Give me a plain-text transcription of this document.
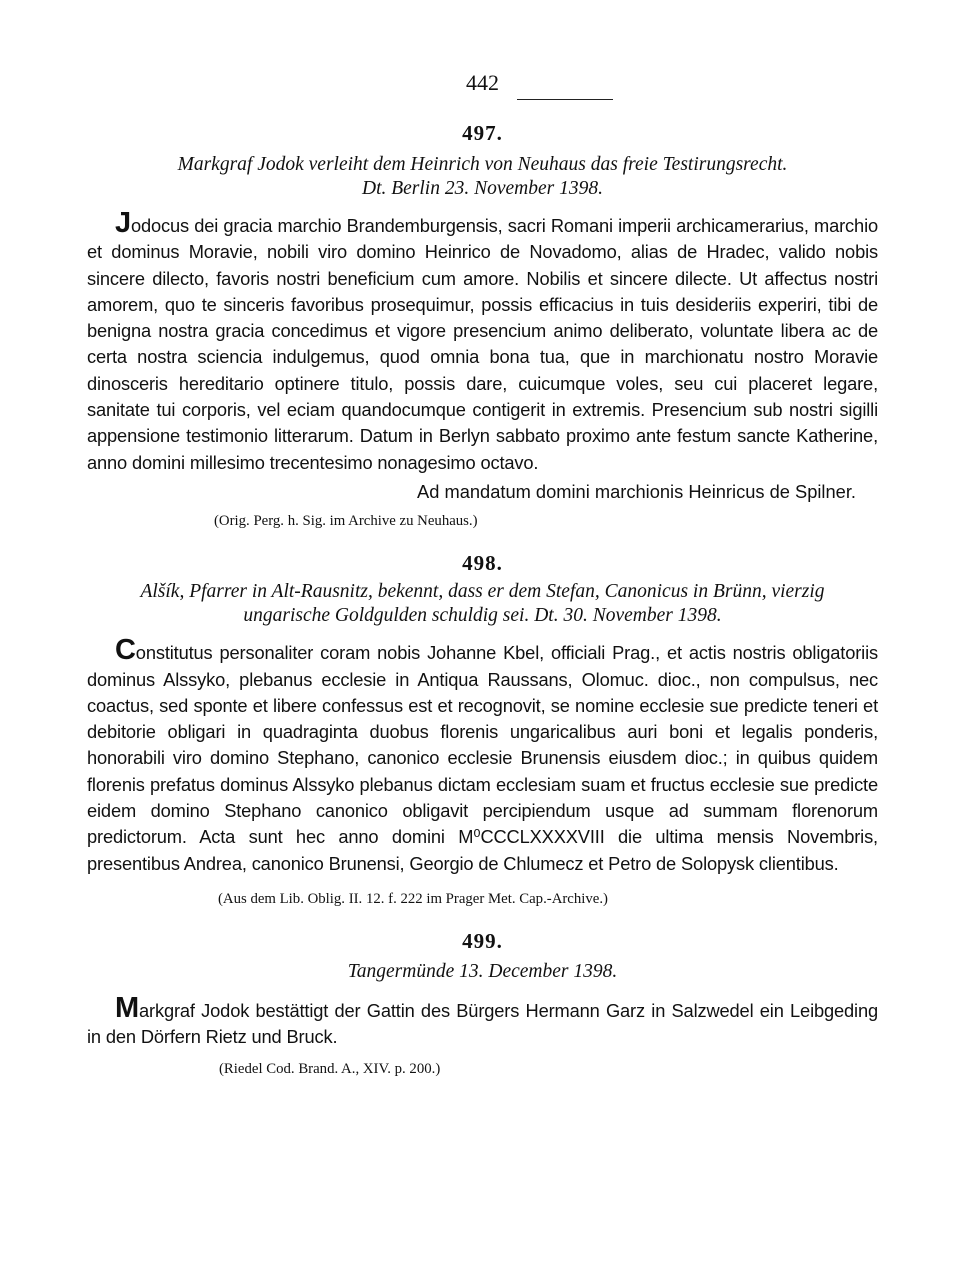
442
497.
Markgraf Jodok verleiht dem Heinrich von Neuhaus das freie Testirungsrecht.
Dt. Berlin 23. November 1398.

Jodocus dei gracia marchio Brandemburgensis, sacri Romani imperii archicamerarius, marchio et dominus Moravie, nobili viro domino Heinrico de Novadomo, alias de Hradec, valido nobis sincere dilecto, favoris nostri beneficium cum amore. Nobilis et sincere dilecte. Ut affectus nostri amorem, quo te sinceris favoribus prosequimur, possis efficacius in tuis desideriis experiri, tibi de benigna nostra gracia concedimus et vigore presencium animo deliberato, voluntate libera ac de certa nostra sciencia indulgemus, quod omnia bona tua, que in marchionatu nostro Moravie dinosceris hereditario optinere titulo, possis dare, cuicumque voles, seu cui placeret legare, sanitate tui corporis, vel eciam quandocumque contigerit in extremis. Presencium sub nostri sigilli appensione testimonio litterarum. Datum in Berlyn sabbato proximo ante festum sancte Katherine, anno domini millesimo trecentesimo nonagesimo octavo.

Ad mandatum domini marchionis Heinricus de Spilner.
(Orig. Perg. h. Sig. im Archive zu Neuhaus.)
498.
Alšík, Pfarrer in Alt-Rausnitz, bekennt, dass er dem Stefan, Canonicus in Brünn, vierzig
ungarische Goldgulden schuldig sei. Dt. 30. November 1398.

Constitutus personaliter coram nobis Johanne Kbel, officiali Prag., et actis nostris obligatoriis dominus Alssyko, plebanus ecclesie in Antiqua Raussans, Olomuc. dioc., non compulsus, nec coactus, sed sponte et libere confessus est et recognovit, se nomine ecclesie sue predicte teneri et debitorie obligari in quadraginta duobus florenis ungaricalibus auri boni et legalis ponderis, honorabili viro domino Stephano, canonico ecclesie Brunensis eiusdem dioc.; in quibus quidem florenis prefatus dominus Alssyko plebanus dictam ecclesiam suam et fructus ecclesie sue predicte eidem domino Stephano canonico obligavit percipiendum usque ad summam florenorum predictorum. Acta sunt hec anno domini M⁰CCCLXXXXVIII die ultima mensis Novembris, presentibus Andrea, canonico Brunensi, Georgio de Chlumecz et Petro de Solopysk clientibus.

(Aus dem Lib. Oblig. II. 12. f. 222 im Prager Met. Cap.-Archive.)
499.
Tangermünde 13. December 1398.

Markgraf Jodok bestättigt der Gattin des Bürgers Hermann Garz in Salzwedel ein Leibgeding in den Dörfern Rietz und Bruck.

(Riedel Cod. Brand. A., XIV. p. 200.)
